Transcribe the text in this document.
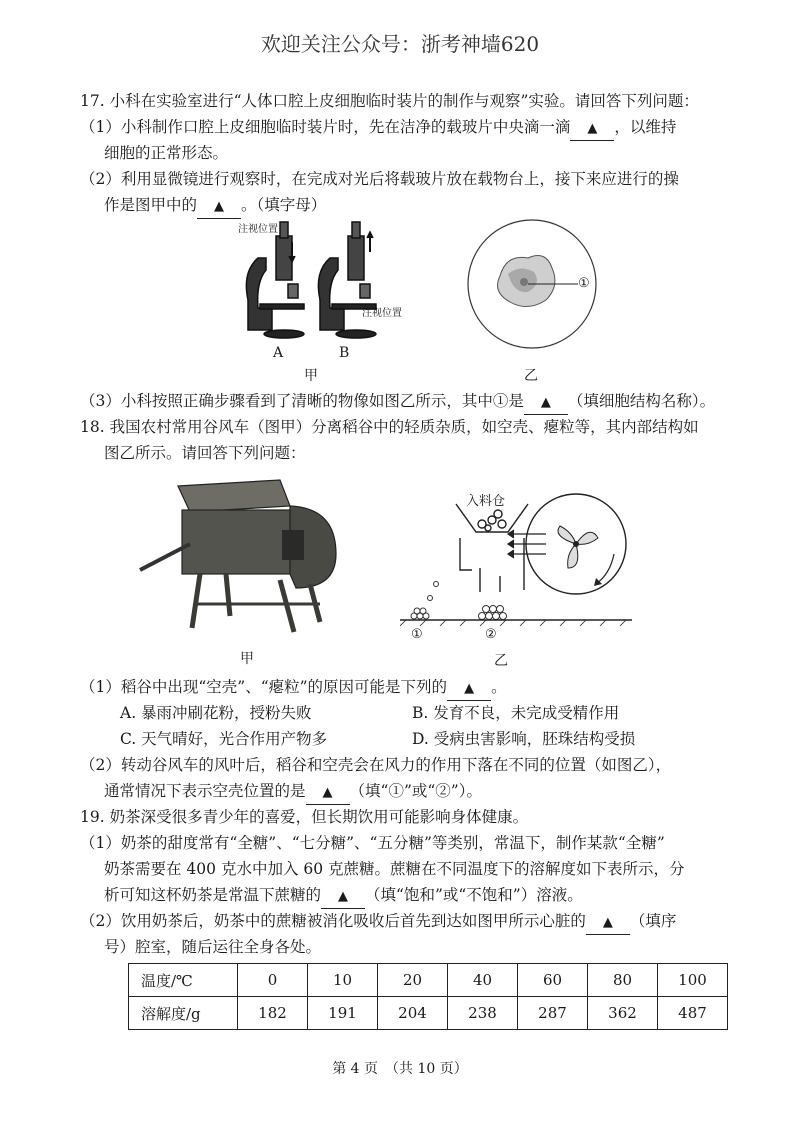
欢迎关注公众号：浙考神墙620
17. 小科在实验室进行“人体口腔上皮细胞临时装片的制作与观察”实验。请回答下列问题：
（1）小科制作口腔上皮细胞临时装片时，先在洁净的载玻片中央滴一滴 ▲ ，以维持
细胞的正常形态。
（2）利用显微镜进行观察时，在完成对光后将载玻片放在载物台上，接下来应进行的操
作是图甲中的 ▲ 。（填字母）
注视位置
注视位置
A	B
甲
①
乙
（3）小科按照正确步骤看到了清晰的物像如图乙所示，其中①是 ▲ （填细胞结构名称）。
18. 我国农村常用谷风车（图甲）分离稻谷中的轻质杂质，如空壳、瘪粒等，其内部结构如
图乙所示。请回答下列问题：
甲
入料仓
①	②
乙
（1）稻谷中出现“空壳”、“瘪粒”的原因可能是下列的 ▲ 。
A. 暴雨冲刷花粉，授粉失败	B. 发育不良，未完成受精作用
C. 天气晴好，光合作用产物多	D. 受病虫害影响，胚珠结构受损
（2）转动谷风车的风叶后，稻谷和空壳会在风力的作用下落在不同的位置（如图乙），
通常情况下表示空壳位置的是 ▲ （填“①”或“②”）。
19. 奶茶深受很多青少年的喜爱，但长期饮用可能影响身体健康。
（1）奶茶的甜度常有“全糖”、“七分糖”、“五分糖”等类别，常温下，制作某款“全糖”
奶茶需要在 400 克水中加入 60 克蔗糖。蔗糖在不同温度下的溶解度如下表所示，分
析可知这杯奶茶是常温下蔗糖的 ▲ （填“饱和”或“不饱和”）溶液。
（2）饮用奶茶后，奶茶中的蔗糖被消化吸收后首先到达如图甲所示心脏的 ▲ （填序
号）腔室，随后运往全身各处。
温度/℃	0	10	20	40	60	80	100
溶解度/g	182	191	204	238	287	362	487
第 4 页　（共 10 页）
